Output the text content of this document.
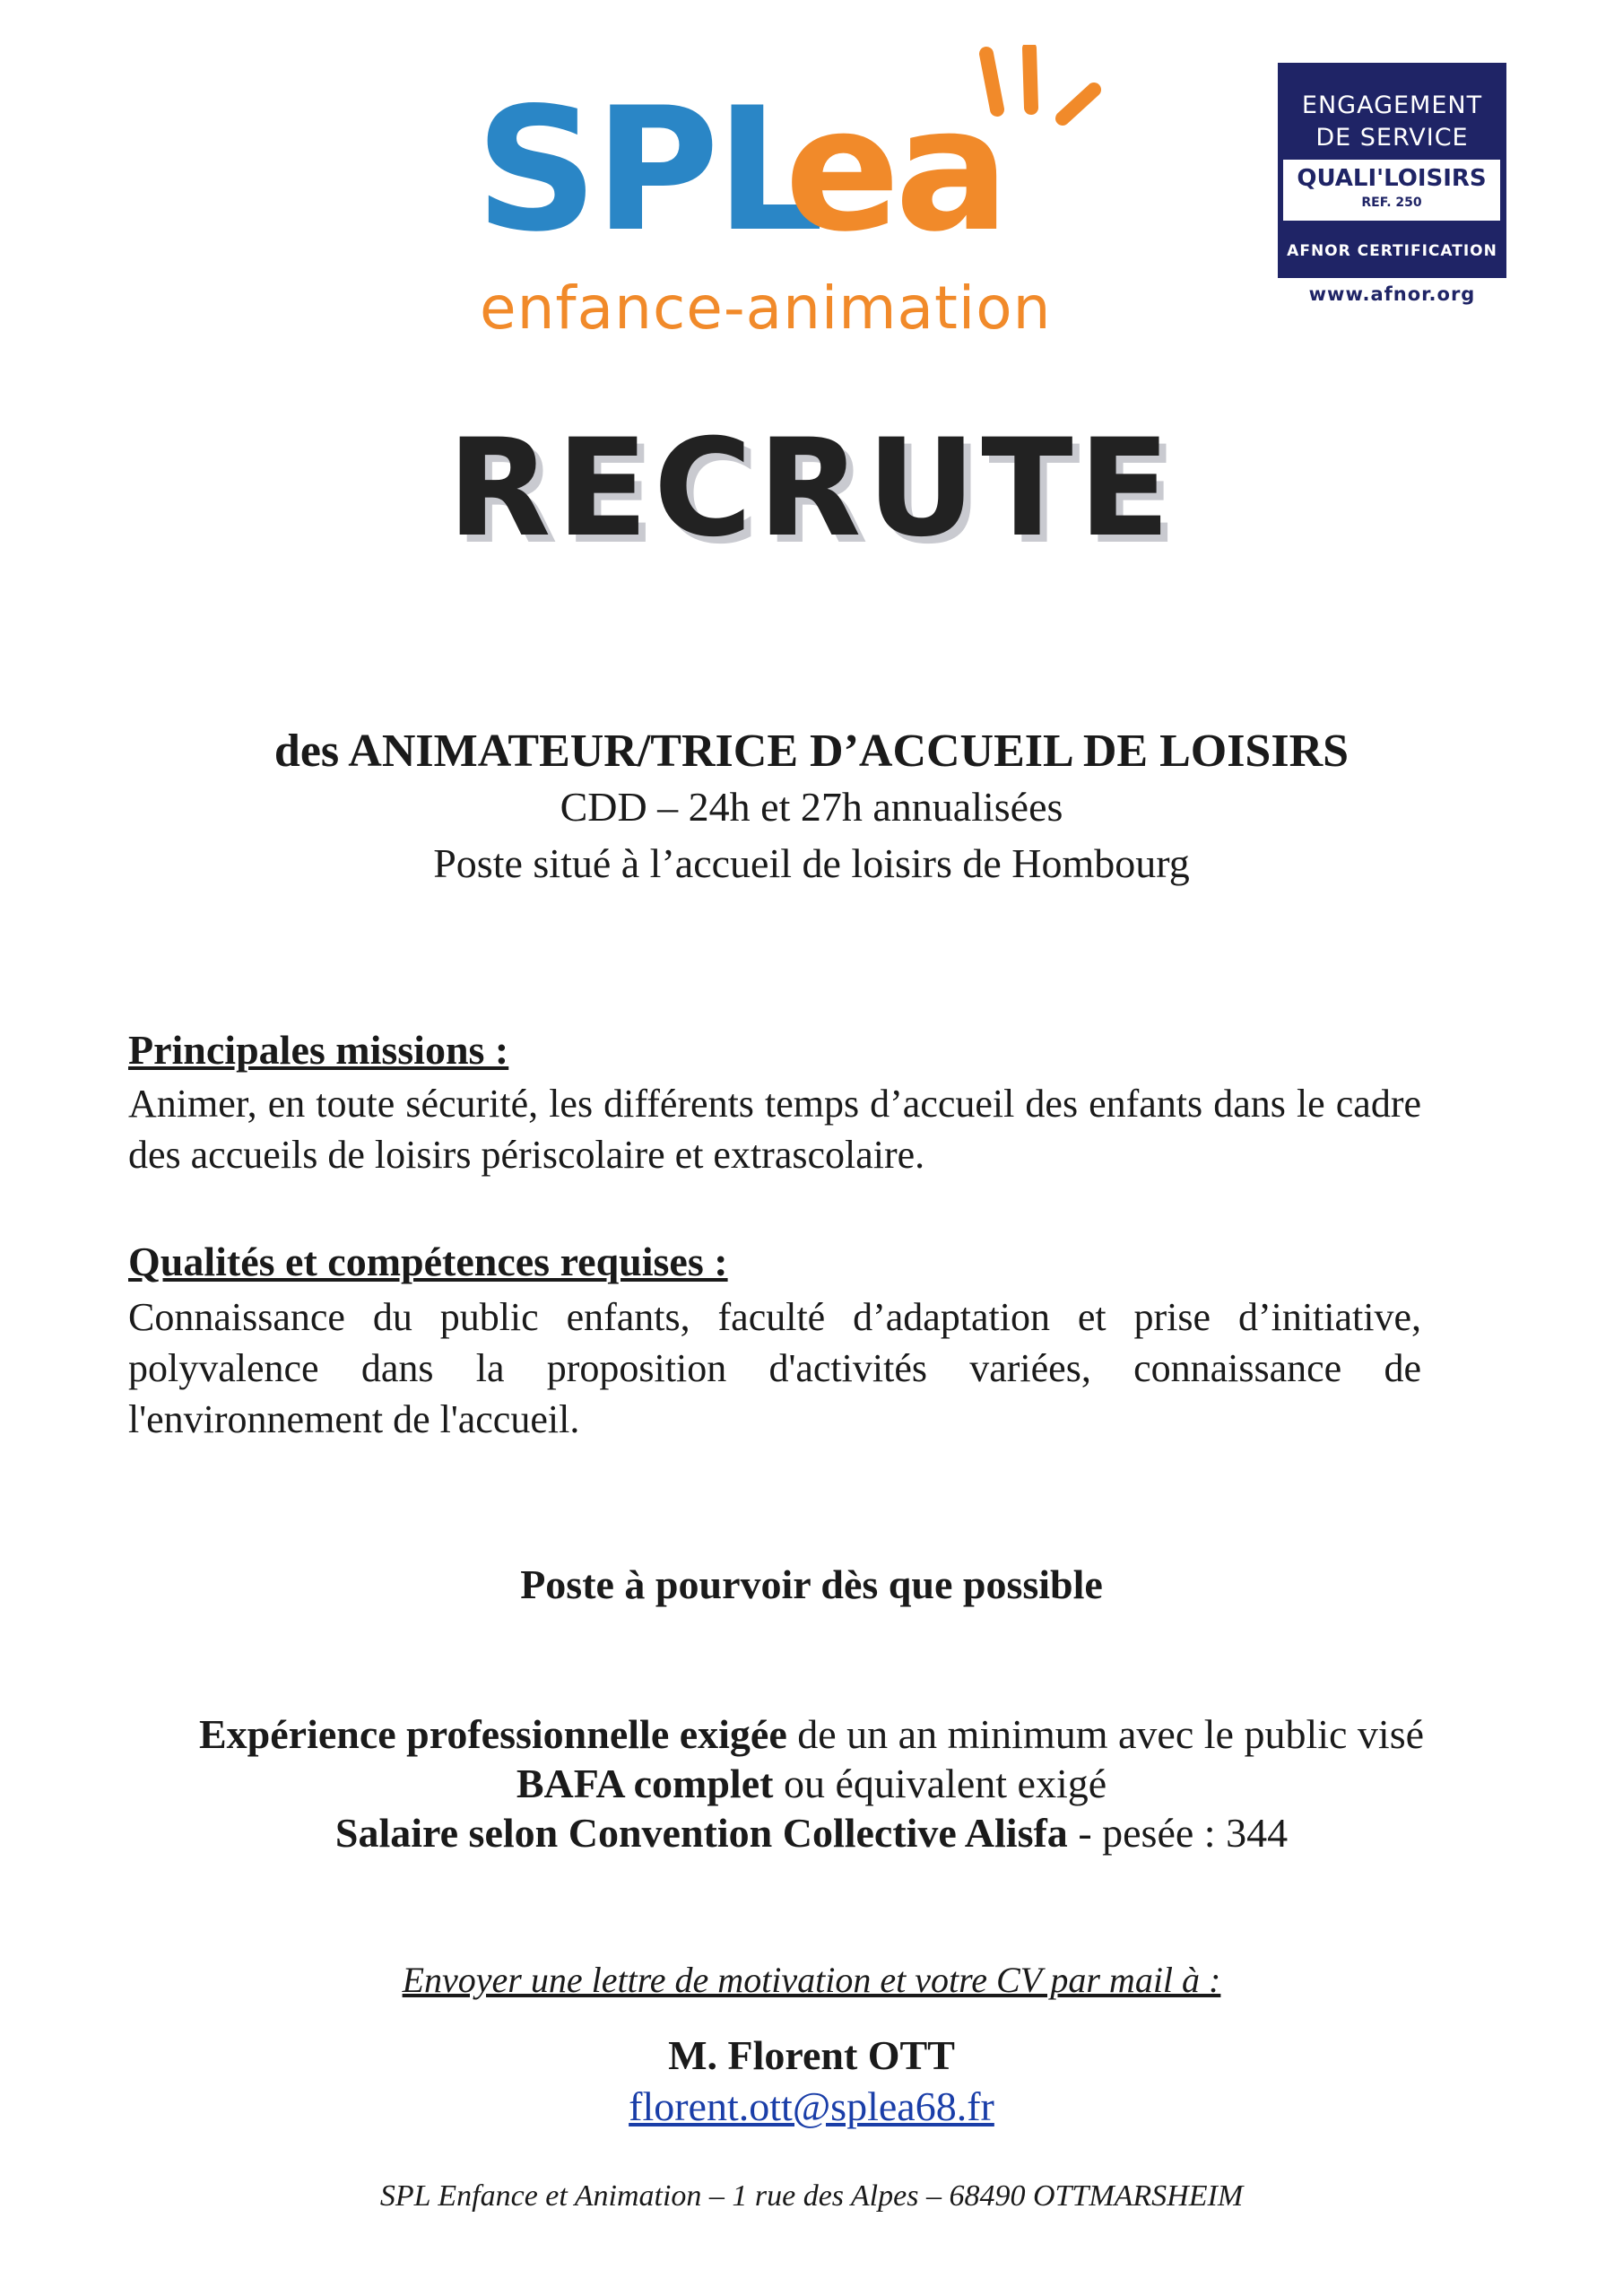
SPL
ea
enfance-animation
ENGAGEMENT
DE SERVICE
QUALI'LOISIRS
REF. 250
AFNOR CERTIFICATION
www.afnor.org
RECRUTE
des ANIMATEUR/TRICE D’ACCUEIL DE LOISIRS
CDD – 24h et 27h annualisées
Poste situé à l’accueil de loisirs de Hombourg
Principales missions :
Animer, en toute sécurité, les différents temps d’accueil des enfants dans le cadre des accueils de loisirs périscolaire et extrascolaire.
Qualités et compétences requises :
Connaissance du public enfants, faculté d’adaptation et prise d’initiative, polyvalence dans la proposition d'activités variées, connaissance de l'environnement de l'accueil.
Poste à pourvoir dès que possible
Expérience professionnelle exigée de un an minimum avec le public visé
BAFA complet ou équivalent exigé
Salaire selon Convention Collective Alisfa - pesée : 344
Envoyer une lettre de motivation et votre CV par mail à :
M. Florent OTT
florent.ott@splea68.fr
SPL Enfance et Animation – 1 rue des Alpes – 68490 OTTMARSHEIM
